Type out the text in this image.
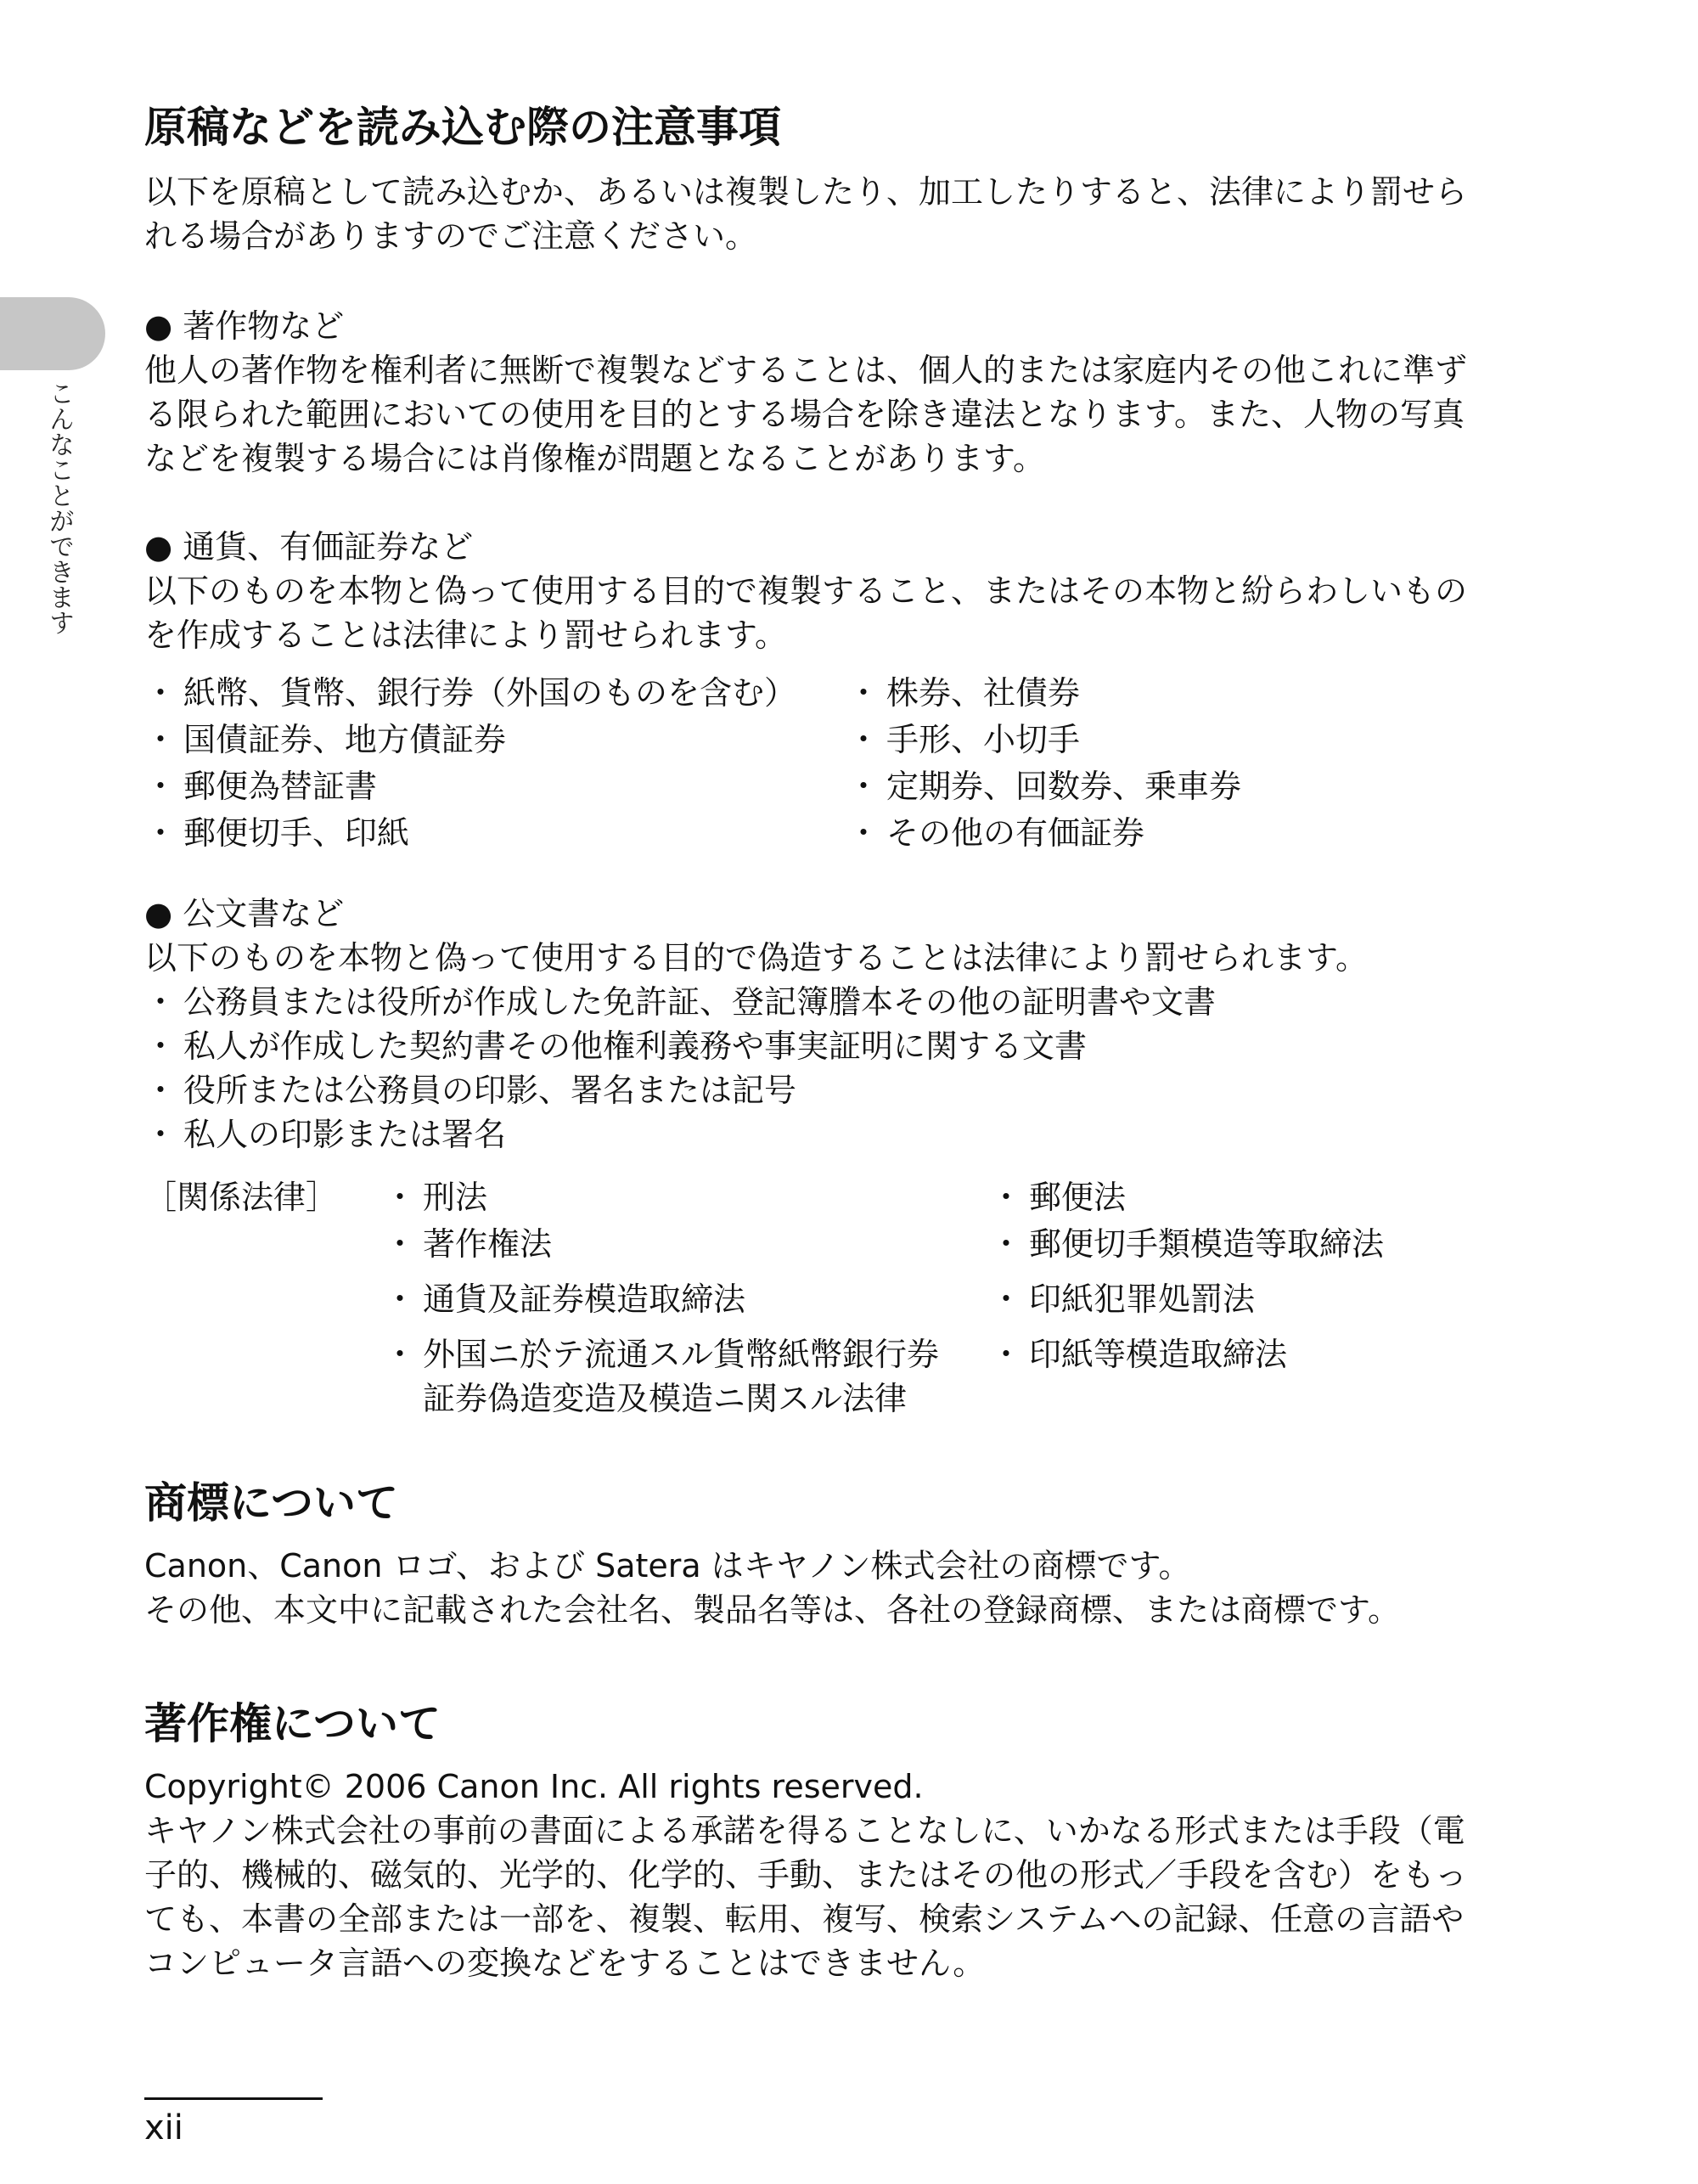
こんなことができます
原稿などを読み込む際の注意事項
以下を原稿として読み込むか、あるいは複製したり、加工したりすると、法律により罰せら
れる場合がありますのでご注意ください。
● 著作物など
他人の著作物を権利者に無断で複製などすることは、個人的または家庭内その他これに準ず
る限られた範囲においての使用を目的とする場合を除き違法となります。また、人物の写真
などを複製する場合には肖像権が問題となることがあります。
● 通貨、有価証券など
以下のものを本物と偽って使用する目的で複製すること、またはその本物と紛らわしいもの
を作成することは法律により罰せられます。
・ 紙幣、貨幣、銀行券（外国のものを含む）
・ 国債証券、地方債証券
・ 郵便為替証書
・ 郵便切手、印紙
・ 株券、社債券
・ 手形、小切手
・ 定期券、回数券、乗車券
・ その他の有価証券
● 公文書など
以下のものを本物と偽って使用する目的で偽造することは法律により罰せられます。
・ 公務員または役所が作成した免許証、登記簿謄本その他の証明書や文書
・ 私人が作成した契約書その他権利義務や事実証明に関する文書
・ 役所または公務員の印影、署名または記号
・ 私人の印影または署名
［関係法律］ ・ 刑法
・ 著作権法
・ 通貨及証券模造取締法
・ 外国ニ於テ流通スル貨幣紙幣銀行券
証券偽造変造及模造ニ関スル法律
・ 郵便法
・ 郵便切手類模造等取締法
・ 印紙犯罪処罰法
・ 印紙等模造取締法
商標について
Canon、Canon ロゴ、および Satera はキヤノン株式会社の商標です。
その他、本文中に記載された会社名、製品名等は、各社の登録商標、または商標です。
著作権について
Copyright© 2006 Canon Inc. All rights reserved.
キヤノン株式会社の事前の書面による承諾を得ることなしに、いかなる形式または手段（電
子的、機械的、磁気的、光学的、化学的、手動、またはその他の形式／手段を含む）をもっ
ても、本書の全部または一部を、複製、転用、複写、検索システムへの記録、任意の言語や
コンピュータ言語への変換などをすることはできません。
xii
